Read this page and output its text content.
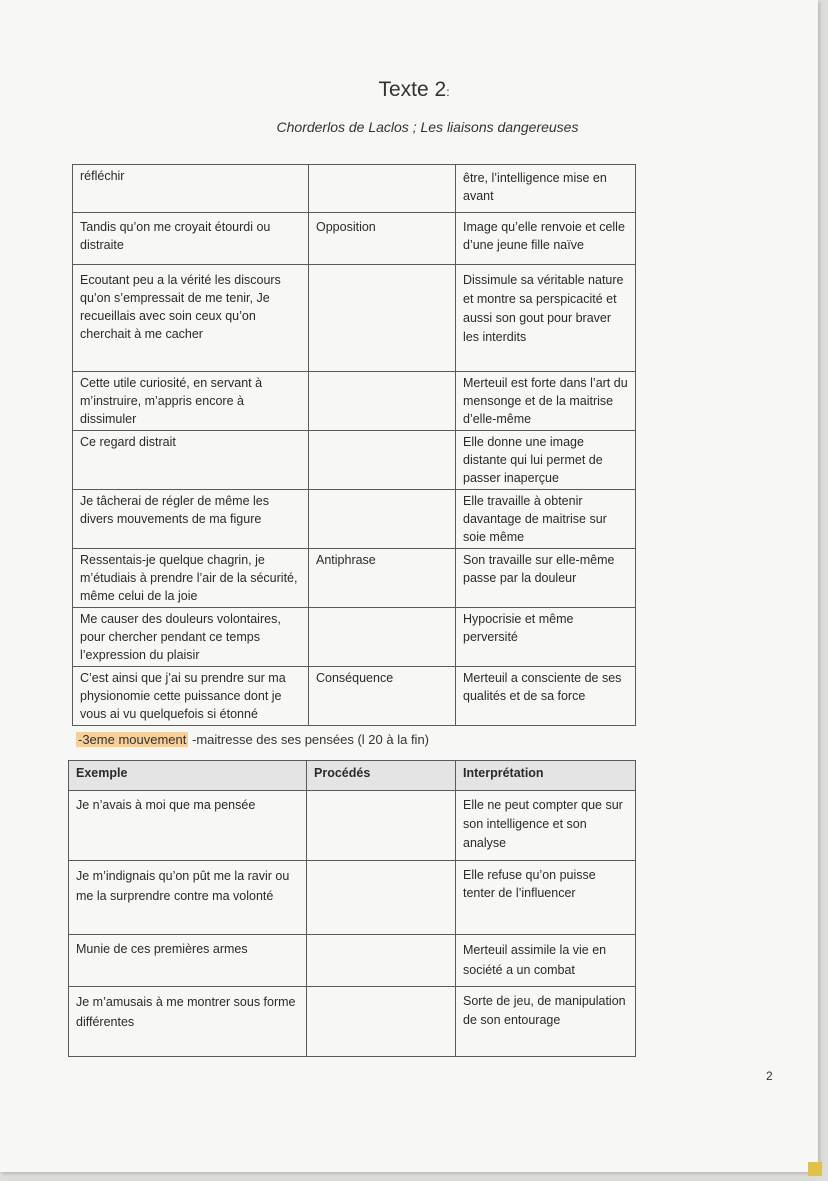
Texte 2:
Chorderlos de Laclos ; Les liaisons dangereuses
réfléchir		être, l’intelligence mise en avant
Tandis qu’on me croyait étourdi ou distraite	Opposition	Image qu’elle renvoie et celle d’une jeune fille naïve
Ecoutant peu a la vérité les discours qu’on s’empressait de me tenir, Je recueillais avec soin ceux qu’on cherchait à me cacher		Dissimule sa véritable nature et montre sa perspicacité et aussi son gout pour braver les interdits
Cette utile curiosité, en servant à m’instruire, m’appris encore à dissimuler		Merteuil est forte dans l’art du mensonge et de la maitrise d’elle-même
Ce regard distrait		Elle donne une image distante qui lui permet de passer inaperçue
Je tâcherai de régler de même les divers mouvements de ma figure		Elle travaille à obtenir davantage de maitrise sur soie même
Ressentais-je quelque chagrin, je m’étudiais à prendre l’air de la sécurité, même celui de la joie	Antiphrase	Son travaille sur elle-même passe par la douleur
Me causer des douleurs volontaires, pour chercher pendant ce temps l’expression du plaisir		Hypocrisie et même perversité
C’est ainsi que j’ai su prendre sur ma physionomie cette puissance dont je vous ai vu quelquefois si étonné	Conséquence	Merteuil a consciente de ses qualités et de sa force
-3eme mouvement -maitresse des ses pensées (l 20 à la fin)
Exemple	Procédés	Interprétation
Je n’avais à moi que ma pensée		Elle ne peut compter que sur son intelligence et son analyse
Je m’indignais qu’on pût me la ravir ou me la surprendre contre ma volonté		Elle refuse qu’on puisse tenter de l’influencer
Munie de ces premières armes		Merteuil assimile la vie en société a un combat
Je m’amusais à me montrer sous forme différentes		Sorte de jeu, de manipulation de son entourage
2
